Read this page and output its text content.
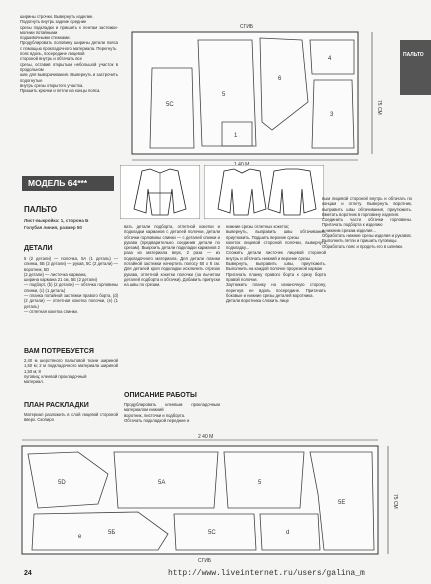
ширины строчки. Вывернуть изделие.
Подогнуть внутрь задние средние
срезы подкладки и пришить к лентам застежки-молнии потайными
подшивочными стежками.
Продублировать половину ширины детали пояса с помощью прокладочного материала. Перегнуть
пояс вдоль, посередине лицевой
стороной внутрь и обтачать все
срезы, оставив открытым небольшой участок в продольном
шве для выворачивания. Вывернуть и застрочить подогнутые
внутрь срезы открытого участка.
Пришить крючки и петли на концы пояса.
5C
5
6
4
3
1
СГИБ
75 СМ
ПАЛЬТО
МОДЕЛЬ 64***
ПАЛЬТО
Лист-выкройка: 1, сторона Б
Голубая линия, размер 50
ДЕТАЛИ
5 (2 детали) — полочка, 5А (1 деталь) — спинка, 5Б (2 детали) — рукав, 5С (2 детали) — воротник, 5D
(2 детали) — листочка кармана,
ширина кармана 21 см, 5Е (2 детали)
— подборт, (b) (2 детали) — обтачка горловины спинки, (c) (1 деталь)
— планка потайной застежки правого борта, (d) (2 детали) — отлетная кокетка полочки, (e) (1 деталь)
— отлетная кокетка спинки.
ВАМ ПОТРЕБУЕТСЯ
2,40 м шерстяного пальтовой ткани шириной 1,50 м; 2 м подкладочного материала шириной 1,50 м; 8
пуговиц; клеевой прокладочный
материал.
ПЛАН РАСКЛАДКИ
Материал разложить в слой лицевой стороной вверх. Скопиро
вать детали подборта, отлетной кокетки и подкладки карманов с деталей полочки, детали обтачки горловины спинки — с деталей спинки и рукава (предварительно соединив детали по срезам). Выкроить детали подкладки карманов 2 раза из материала верх, 2 раза — из подкладочного материала. Для детали планки потайной застежки начертить полосу 50 х 8 см. Для деталей кроя подкладки исключить отрезок рукава, отлетной кокетки полочки (за вычетом деталей подборта и обтачки). Добавить припуски на швы по срезам.
ОПИСАНИЕ РАБОТЫ
Продублировать клеевым прокладочным материалом нижний
воротник, листочки и подборта.
Обтачать подкладкой передние и
нижние срезы отлетных кокеток;
вывернуть, выправить швы обтачивания, приутюжить. Подшить верхние срезы
кокеток лицевой стороной полочки, вывернуть подкладку...
Сложить детали листочек лицевой стороной внутрь и обтачать нижний и верхние срезы
Вывернуть, выправить швы, приутюжить. Выполнить на каждой полочке прорезной карман
Притачать планку правого борта к срезу борта правой полочки.
Заутюжить планку на изнаночную сторону, перегнув ее вдоль посередине. Притачать боковые и нижние срезы деталей воротника.
Детали воротника сложить лице
вым лицевой стороной внутрь и обтачать по концам и отлету. Вывернуть воротник, выправить швы обтачивания, приутюжить. Вметать воротник в горловину изделия.
Соединить части обтачки горловины. Притачать подборта к изделию
и нижним срезам изделия...
Обработать нижние срезы изделия и рукавов.
Выполнить петли и пришить пуговицы.
Обработать пояс и продеть его в шлевки.
5A
5Б
5
5C
5D
5Е
d
e
2 40 М
75 СМ
СГИБ
24	http://www.liveinternet.ru/users/galina_m
